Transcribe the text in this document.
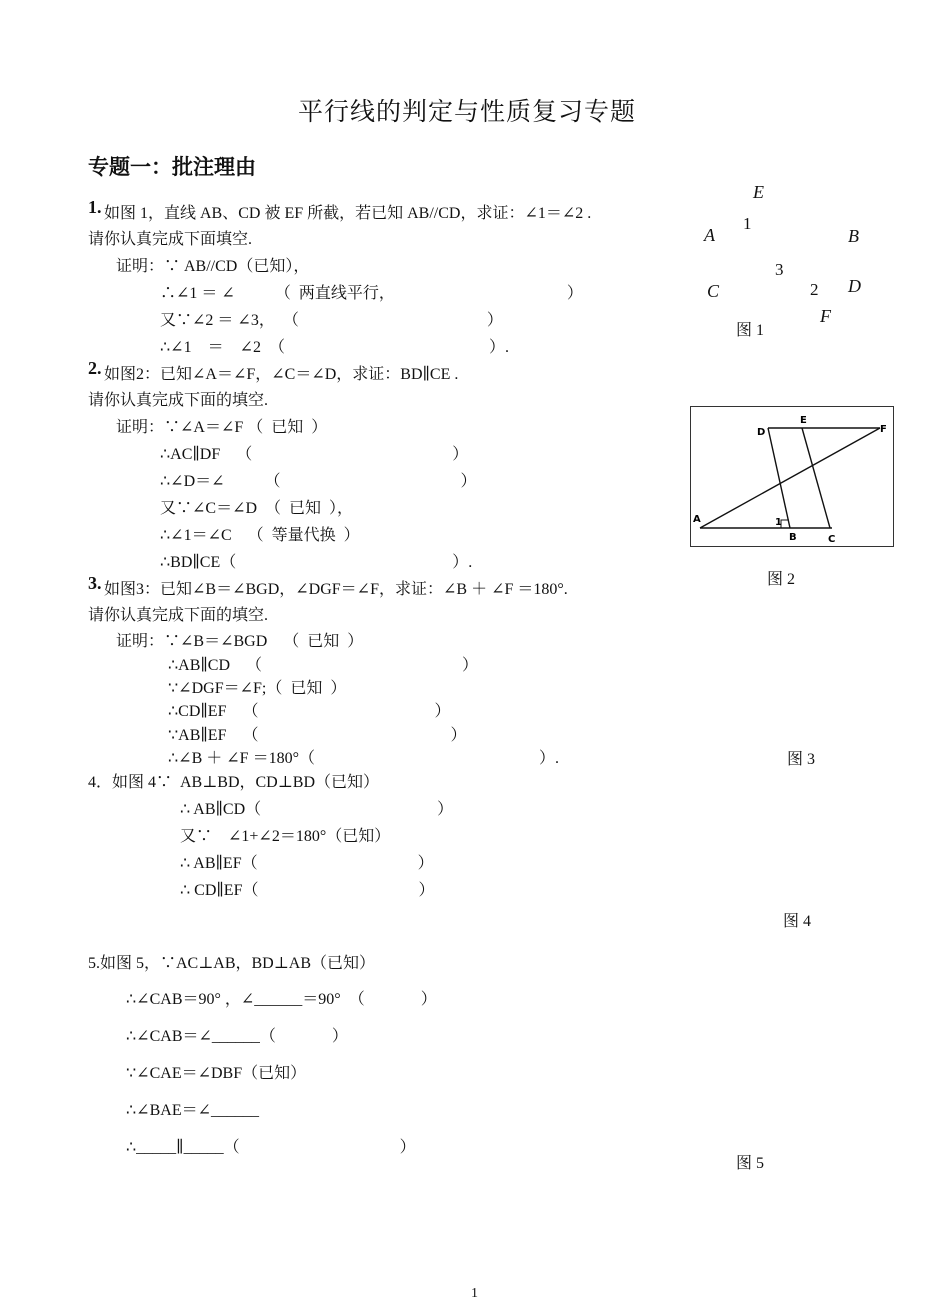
平行线的判定与性质复习专题
专题一：批注理由
1. 如图 1，直线 AB、CD 被 EF 所截，若已知 AB//CD，求证：∠1＝∠2 .
请你认真完成下面填空.
证明：∵ AB//CD（已知），
∴∠1 ＝ ∠          （  两直线平行，                                           ）
又∵∠2 ＝ ∠3，  （                                               ）
∴∠1    ＝    ∠2  （                                                   ）.
2. 如图2：已知∠A＝∠F，∠C＝∠D，求证：BD∥CE .
请你认真完成下面的填空.
证明：∵∠A＝∠F （  已知  ）
∴AC∥DF    （                                                  ）
∴∠D＝∠          （                                             ）
又∵∠C＝∠D  （  已知  ），
∴∠1＝∠C    （  等量代换  ）
∴BD∥CE（                                                      ）.
3. 如图3：已知∠B＝∠BGD，∠DGF＝∠F，求证：∠B ＋ ∠F ＝180°.
请你认真完成下面的填空.
证明：∵∠B＝∠BGD    （  已知  ）
∴AB∥CD    （                                                  ）
∵∠DGF＝∠F;（  已知  ）
∴CD∥EF    （                                            ）
∵AB∥EF    （                                                ）
∴∠B ＋ ∠F ＝180°（                                                        ）.
4．如图 4∵  AB⊥BD，CD⊥BD（已知）
∴ AB∥CD（                                            ）
又∵    ∠1+∠2＝180°（已知）
∴ AB∥EF（                                        ）
∴ CD∥EF（                                        ）
5.如图 5，∵AC⊥AB，BD⊥AB（已知）
∴∠CAB＝90° ，∠______＝90°  （              ）
∴∠CAB＝∠______（              ）
∵∠CAE＝∠DBF（已知）
∴∠BAE＝∠______
∴_____∥_____（                                        ）
E
1
A	B
3
C	2 D
F
图 1
D
E
F
A	1
B	C
图 2
图 3
图 4
图 5
1
